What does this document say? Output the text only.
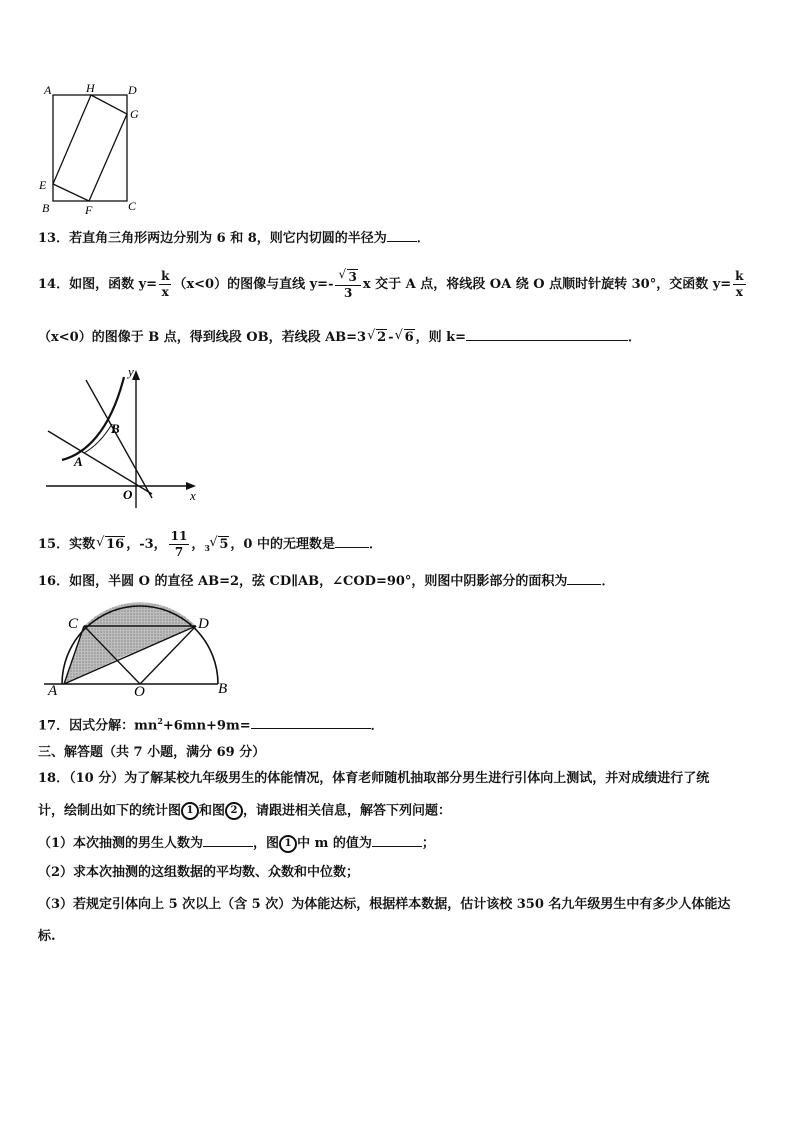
A	H	D
G
E
B	F	C
13．若直角三角形两边分别为 6 和 8，则它内切圆的半径为 ．
14．如图，函数 $y= \frac{k}{x} (x<0)$的图像与直线 y=- √ $\frac{3}{3}$ x 交于 A 点，将线段 OA 绕 O 点顺时针旋转 30°，交函数 $y= \frac{k}{x}$
（x<0）的图像于 B 点，得到线段 OB，若线段 AB=3 √ 2 - √ 6 ，则 k=	．
y
x
O
A
B
15．实数 √ 16 ，-3， $\frac{11}{7}$ ， 3 √ 5 ，0 中的无理数是	．
16．如图，半圆 O 的直径 AB=2，弦 CD∥AB，∠COD=90°，则图中阴影部分的面积为	．
C	D
A	O	B
17．因式分解：$mn^2+6mn+9m=$	．
三、解答题（共 7 小题，满分 69 分）
18．（10 分）为了解某校九年级男生的体能情况，体育老师随机抽取部分男生进行引体向上测试，并对成绩进行了统
计，绘制出如下的统计图 1 和图 2 ，请跟进相关信息，解答下列问题：
（1）本次抽测的男生人数为	，图 1 中 m 的值为	；
（2）求本次抽测的这组数据的平均数、众数和中位数；
（3）若规定引体向上 5 次以上（含 5 次）为体能达标，根据样本数据，估计该校 350 名九年级男生中有多少人体能达
标.
